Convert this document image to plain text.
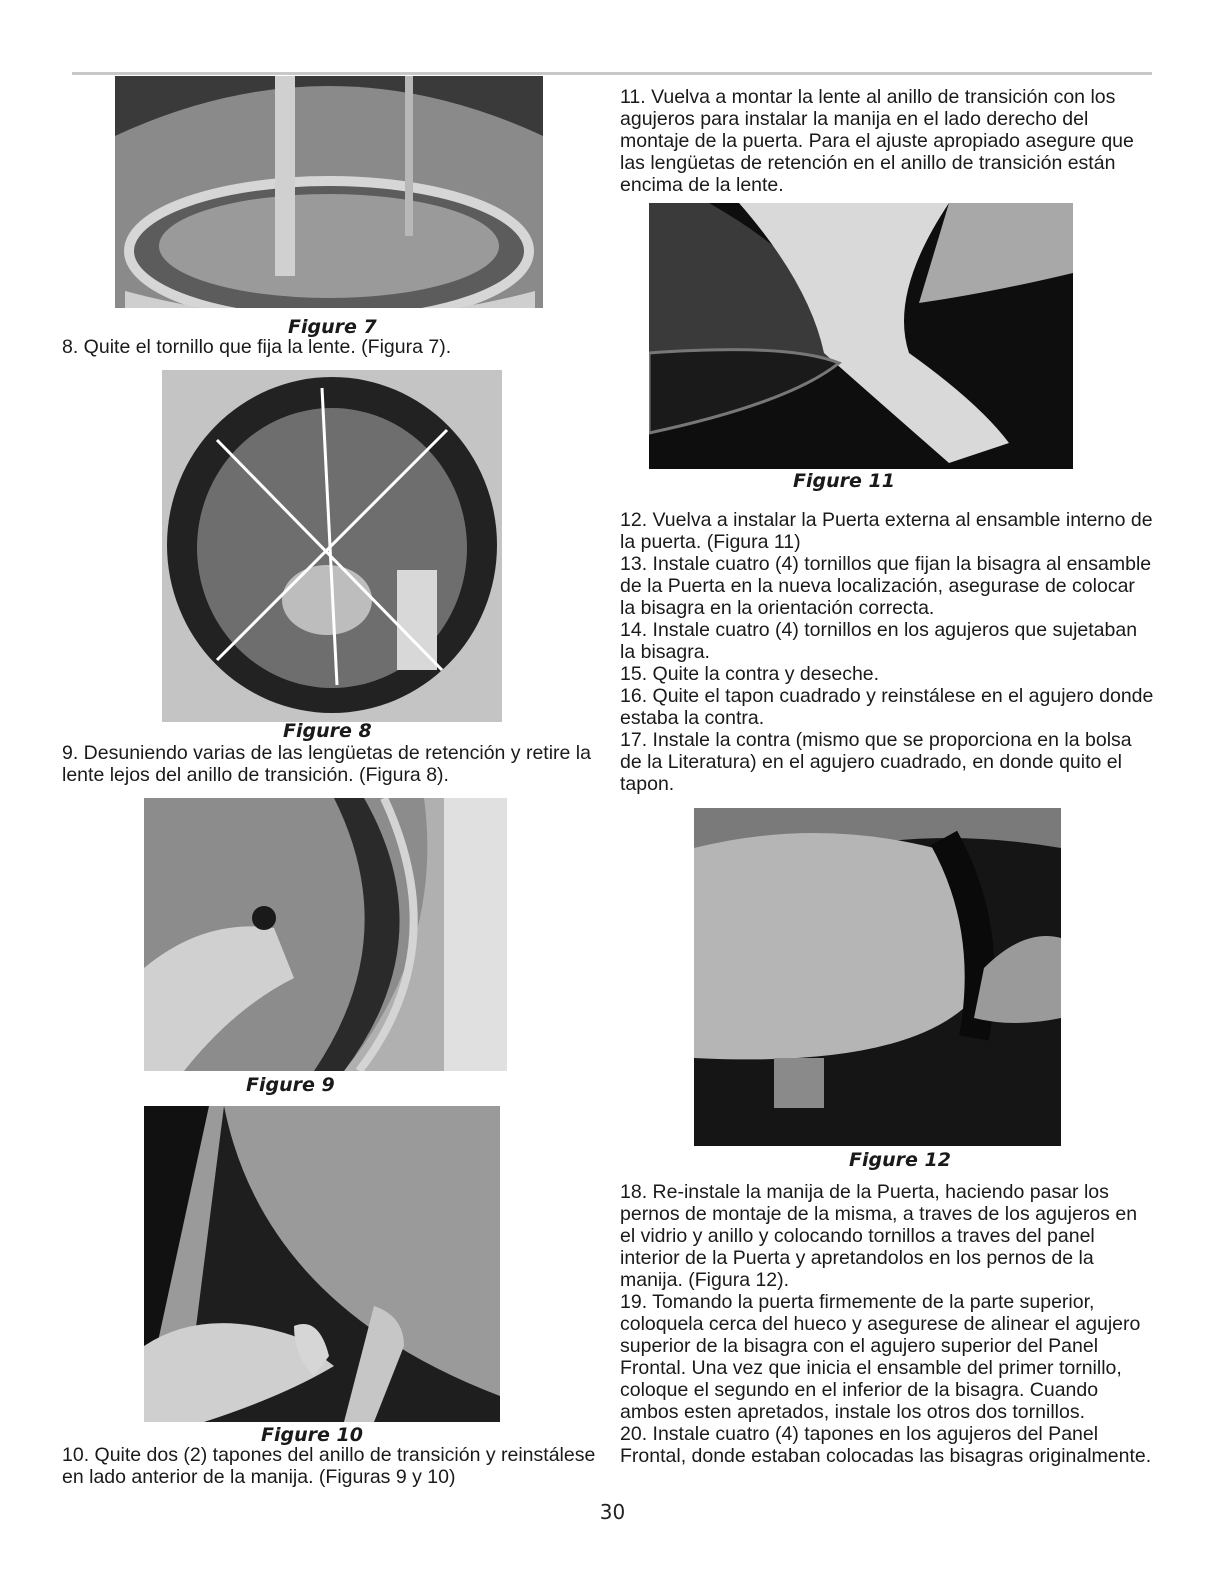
Figure 7

8. Quite el tornillo que fija la lente. (Figura 7).

Figure 8

9. Desuniendo varias de las lengüetas de retención y retire la lente lejos del anillo de transición. (Figura 8).

Figure 9
Figure 10

10. Quite dos (2) tapones del anillo de transición y reinstálese en lado anterior de la manija. (Figuras 9 y 10)

11. Vuelva a montar la lente al anillo de transición con los agujeros para instalar la manija en el lado derecho del montaje de la puerta. Para el ajuste apropiado asegure que las lengüetas de retención en el anillo de transición están encima de la lente.

Figure 11

12. Vuelva a instalar la Puerta externa al ensamble interno de la puerta. (Figura 11)

13. Instale cuatro (4) tornillos que fijan la bisagra al ensamble de la Puerta en la nueva localización, asegurase de colocar la bisagra en la orientación correcta.

14. Instale cuatro (4) tornillos en los agujeros que sujetaban la bisagra.

15. Quite la contra y deseche.

16. Quite el tapon cuadrado y reinstálese en el agujero donde estaba la contra.

17. Instale la contra (mismo que se proporciona en la bolsa de la Literatura) en el agujero cuadrado, en donde quito el tapon.

Figure 12

18. Re-instale la manija de la Puerta, haciendo pasar los pernos de montaje de la misma, a traves de los agujeros en el vidrio y anillo y colocando tornillos a traves del panel interior de la Puerta y apretandolos en los pernos de la manija. (Figura 12).

19. Tomando la puerta firmemente de la parte superior, coloquela cerca del hueco y asegurese de alinear el agujero superior de la bisagra con el agujero superior del Panel Frontal. Una vez que inicia el ensamble del primer tornillo, coloque el segundo en el inferior de la bisagra. Cuando ambos esten apretados, instale los otros dos tornillos.

20. Instale cuatro (4) tapones en los agujeros del Panel Frontal, donde estaban colocadas las bisagras originalmente.

30
